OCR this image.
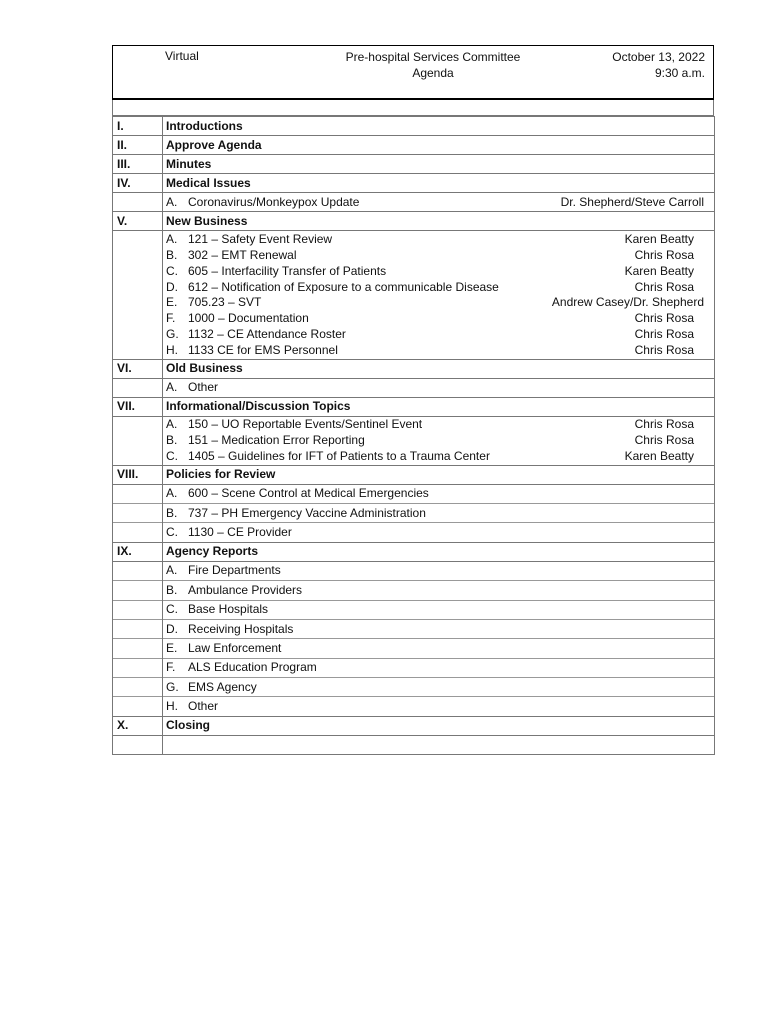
Virtual	Pre-hospital Services Committee
Agenda
October 13, 2022
9:30 a.m.
I.	Introductions
II.	Approve Agenda
III.	Minutes
IV.	Medical Issues

	A. Coronavirus/Monkeypox Update Dr. Shepherd/Steve Carroll

V.	New Business

	A. 121 – Safety Event Review Karen Beatty

	B. 302 – EMT Renewal Chris Rosa

	C. 605 – Interfacility Transfer of Patients Karen Beatty

	D. 612 – Notification of Exposure to a communicable Disease Chris Rosa

	E. 705.23 – SVT Andrew Casey/Dr. Shepherd

	F. 1000 – Documentation Chris Rosa

	G. 1132 – CE Attendance Roster Chris Rosa

	H. 1133 CE for EMS Personnel Chris Rosa

VI.	Old Business

	A. Other

VII.	Informational/Discussion Topics

	A. 150 – UO Reportable Events/Sentinel Event Chris Rosa

	B. 151 – Medication Error Reporting Chris Rosa

	C. 1405 – Guidelines for IFT of Patients to a Trauma Center Karen Beatty

VIII.	Policies for Review

	A. 600 – Scene Control at Medical Emergencies

	B. 737 – PH Emergency Vaccine Administration

	C. 1130 – CE Provider

IX.	Agency Reports

	A. Fire Departments

	B. Ambulance Providers

	C. Base Hospitals

	D. Receiving Hospitals

	E. Law Enforcement

	F. ALS Education Program

	G. EMS Agency

	H. Other

X.	Closing
